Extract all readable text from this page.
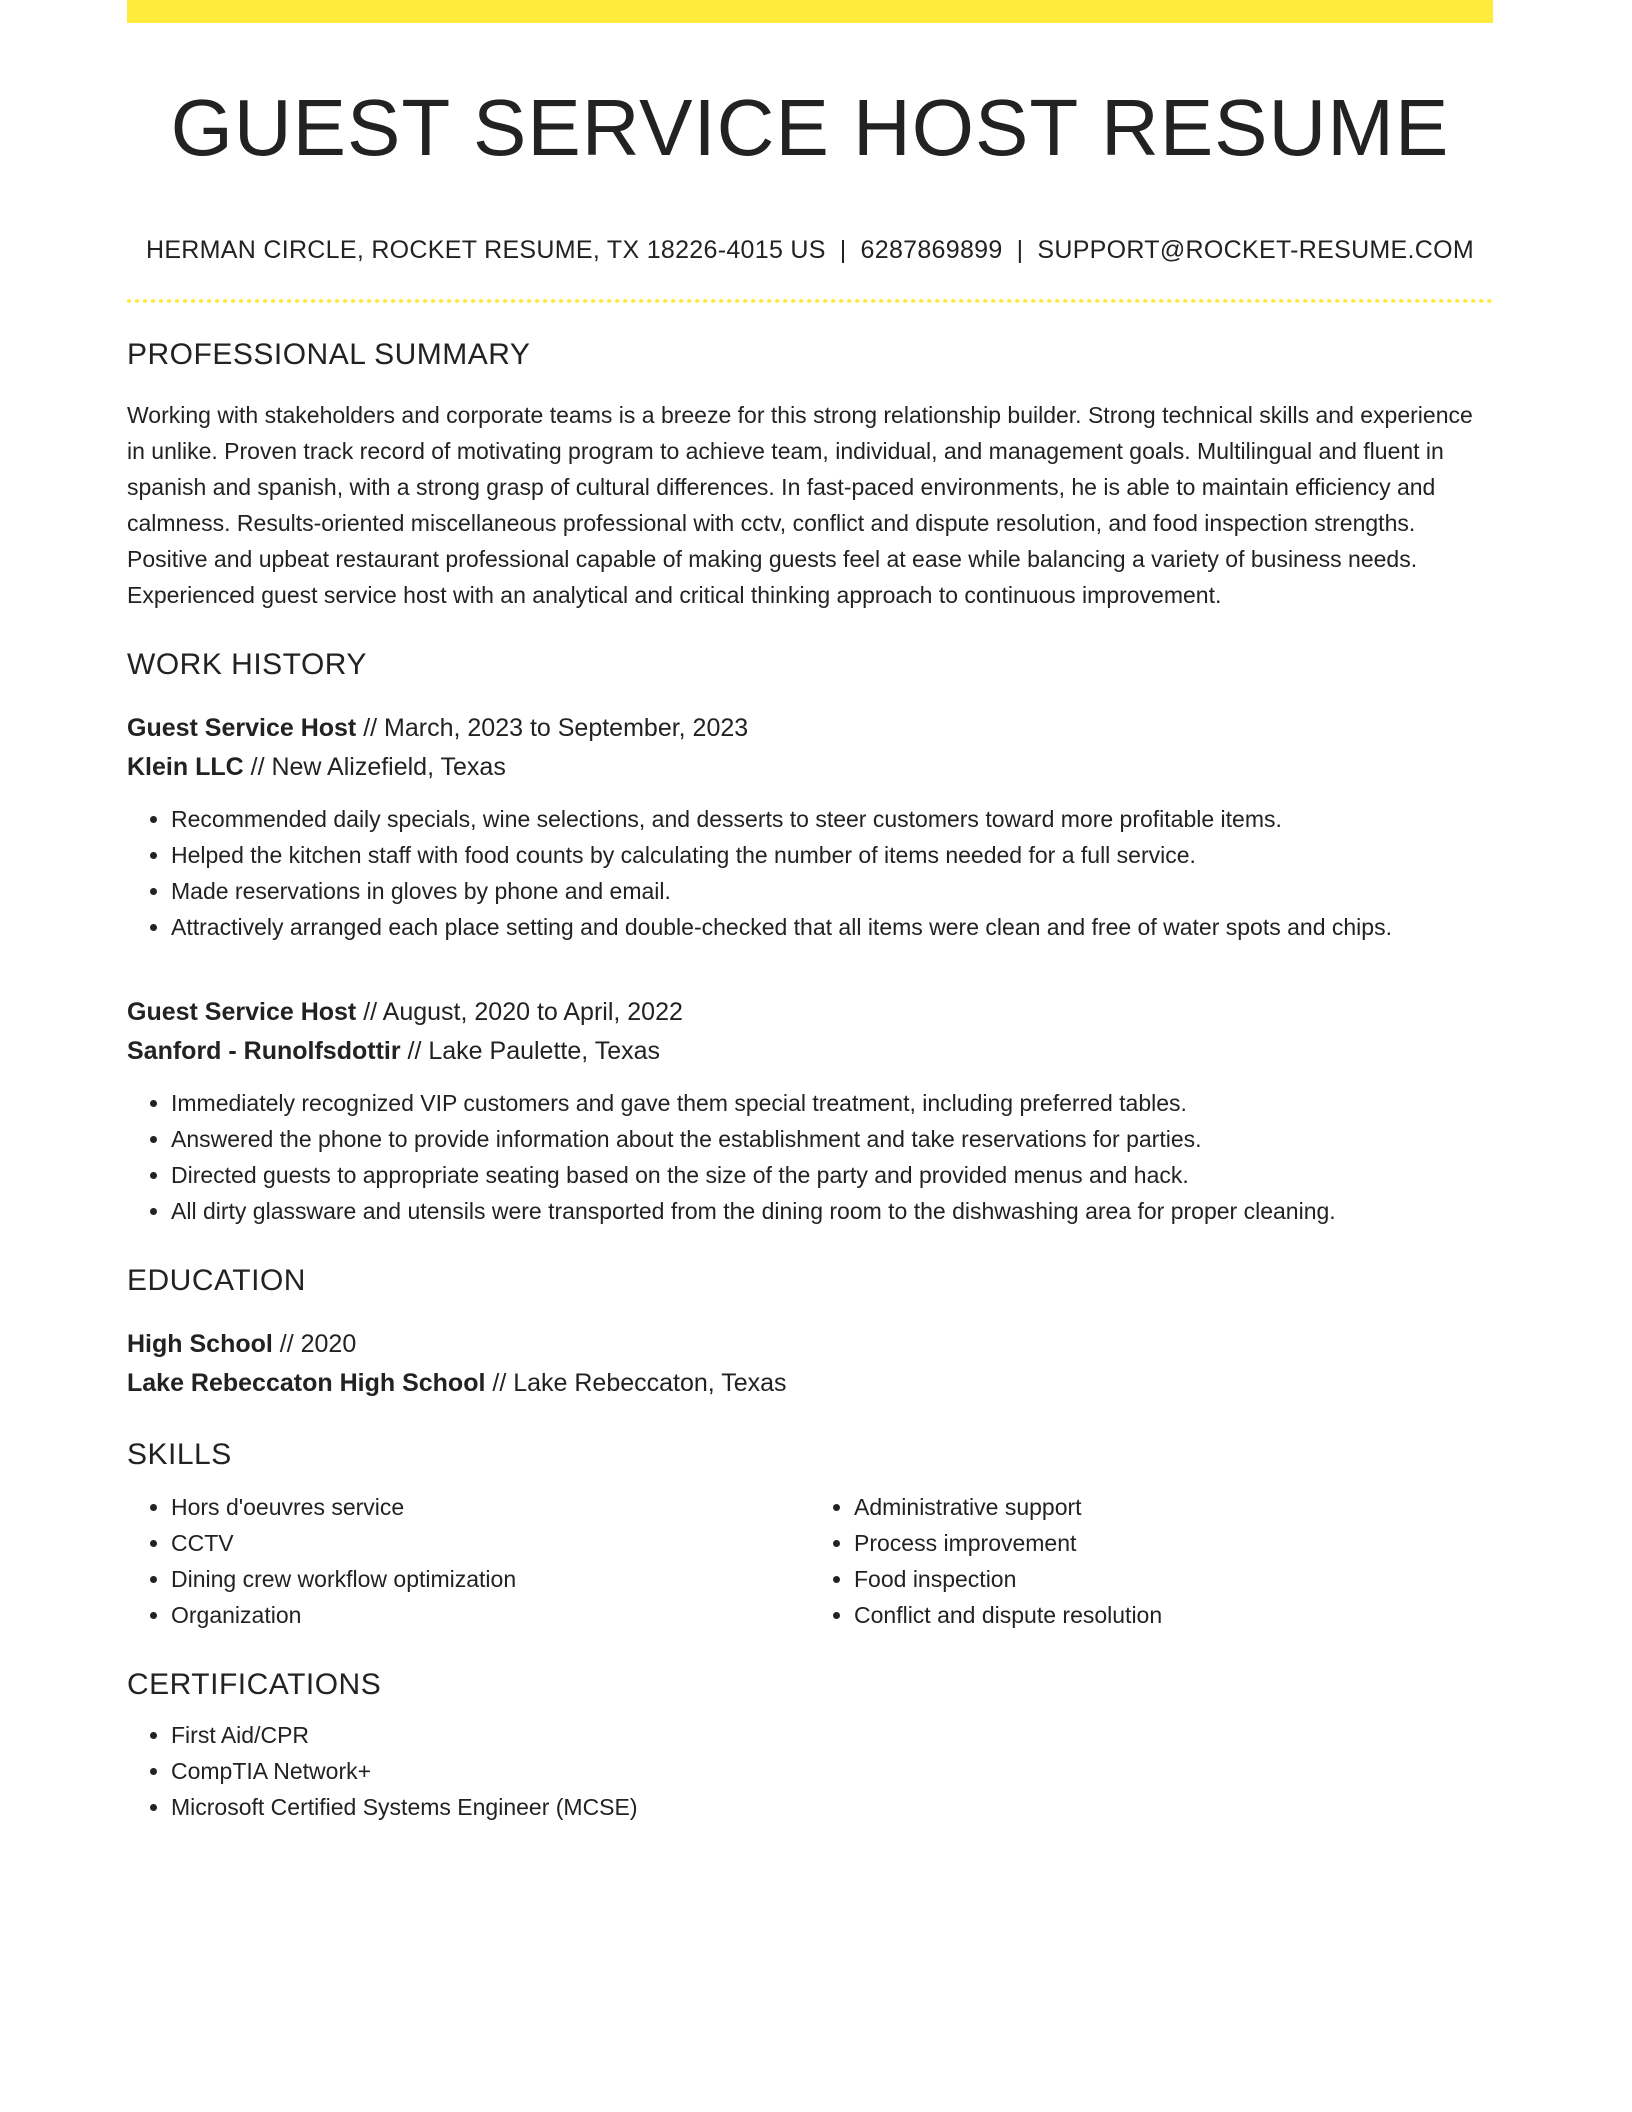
GUEST SERVICE HOST RESUME
HERMAN CIRCLE, ROCKET RESUME, TX 18226-4015 US | 6287869899 | SUPPORT@ROCKET-RESUME.COM
PROFESSIONAL SUMMARY
Working with stakeholders and corporate teams is a breeze for this strong relationship builder. Strong technical skills and experience in unlike. Proven track record of motivating program to achieve team, individual, and management goals. Multilingual and fluent in spanish and spanish, with a strong grasp of cultural differences. In fast-paced environments, he is able to maintain efficiency and calmness. Results-oriented miscellaneous professional with cctv, conflict and dispute resolution, and food inspection strengths. Positive and upbeat restaurant professional capable of making guests feel at ease while balancing a variety of business needs. Experienced guest service host with an analytical and critical thinking approach to continuous improvement.
WORK HISTORY
Guest Service Host // March, 2023 to September, 2023
Klein LLC // New Alizefield, Texas
• Recommended daily specials, wine selections, and desserts to steer customers toward more profitable items.
• Helped the kitchen staff with food counts by calculating the number of items needed for a full service.
• Made reservations in gloves by phone and email.
• Attractively arranged each place setting and double-checked that all items were clean and free of water spots and chips.
Guest Service Host // August, 2020 to April, 2022
Sanford - Runolfsdottir // Lake Paulette, Texas
• Immediately recognized VIP customers and gave them special treatment, including preferred tables.
• Answered the phone to provide information about the establishment and take reservations for parties.
• Directed guests to appropriate seating based on the size of the party and provided menus and hack.
• All dirty glassware and utensils were transported from the dining room to the dishwashing area for proper cleaning.
EDUCATION
High School // 2020
Lake Rebeccaton High School // Lake Rebeccaton, Texas
SKILLS
• Hors d'oeuvres service
• CCTV
• Dining crew workflow optimization
• Organization
• Administrative support
• Process improvement
• Food inspection
• Conflict and dispute resolution
CERTIFICATIONS
• First Aid/CPR
• CompTIA Network+
• Microsoft Certified Systems Engineer (MCSE)
